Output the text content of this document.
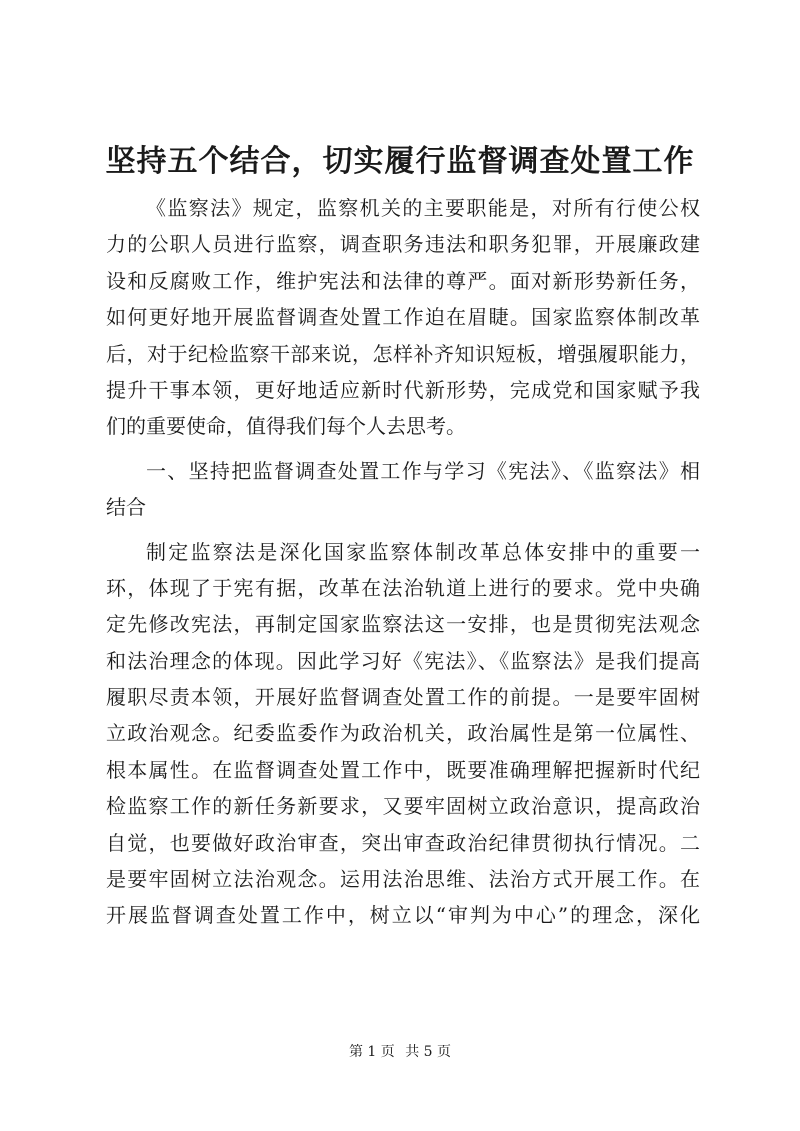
坚持五个结合，切实履行监督调查处置工作
《监察法》规定，监察机关的主要职能是，对所有行使公权
力的公职人员进行监察，调查职务违法和职务犯罪，开展廉政建
设和反腐败工作，维护宪法和法律的尊严。面对新形势新任务，
如何更好地开展监督调查处置工作迫在眉睫。国家监察体制改革
后，对于纪检监察干部来说，怎样补齐知识短板，增强履职能力，
提升干事本领，更好地适应新时代新形势，完成党和国家赋予我
们的重要使命，值得我们每个人去思考。
一、坚持把监督调查处置工作与学习《宪法》、《监察法》相
结合
制定监察法是深化国家监察体制改革总体安排中的重要一
环，体现了于宪有据，改革在法治轨道上进行的要求。党中央确
定先修改宪法，再制定国家监察法这一安排，也是贯彻宪法观念
和法治理念的体现。因此学习好《宪法》、《监察法》是我们提高
履职尽责本领，开展好监督调查处置工作的前提。一是要牢固树
立政治观念。纪委监委作为政治机关，政治属性是第一位属性、
根本属性。在监督调查处置工作中，既要准确理解把握新时代纪
检监察工作的新任务新要求，又要牢固树立政治意识，提高政治
自觉，也要做好政治审查，突出审查政治纪律贯彻执行情况。二
是要牢固树立法治观念。运用法治思维、法治方式开展工作。在
开展监督调查处置工作中，树立以“审判为中心”的理念，深化
第 1 页 共 5 页
